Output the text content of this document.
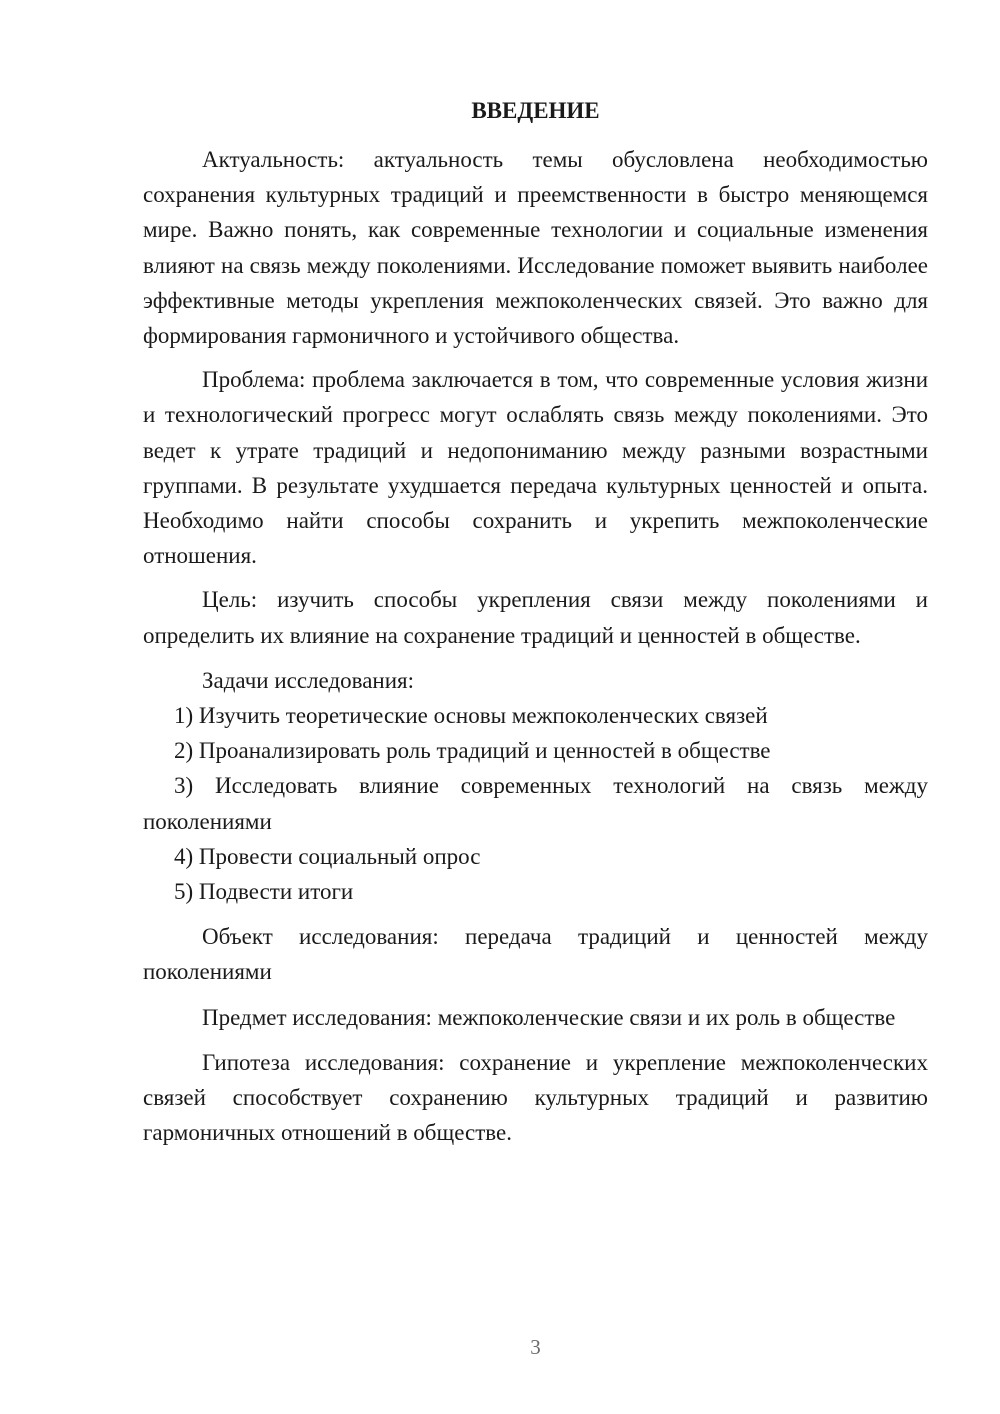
ВВЕДЕНИЕ

Актуальность: актуальность темы обусловлена необходимостью сохранения культурных традиций и преемственности в быстро меняющемся мире. Важно понять, как современные технологии и социальные изменения влияют на связь между поколениями. Исследование поможет выявить наиболее эффективные методы укрепления межпоколенческих связей. Это важно для формирования гармоничного и устойчивого общества.

Проблема: проблема заключается в том, что современные условия жизни и технологический прогресс могут ослаблять связь между поколениями. Это ведет к утрате традиций и недопониманию между разными возрастными группами. В результате ухудшается передача культурных ценностей и опыта. Необходимо найти способы сохранить и укрепить межпоколенческие отношения.

Цель: изучить способы укрепления связи между поколениями и определить их влияние на сохранение традиций и ценностей в обществе.

Задачи исследования:

1) Изучить теоретические основы межпоколенческих связей

2) Проанализировать роль традиций и ценностей в обществе

3) Исследовать влияние современных технологий на связь между поколениями

4) Провести социальный опрос

5) Подвести итоги

Объект исследования: передача традиций и ценностей между поколениями

Предмет исследования: межпоколенческие связи и их роль в обществе

Гипотеза исследования: сохранение и укрепление межпоколенческих связей способствует сохранению культурных традиций и развитию гармоничных отношений в обществе.

3
